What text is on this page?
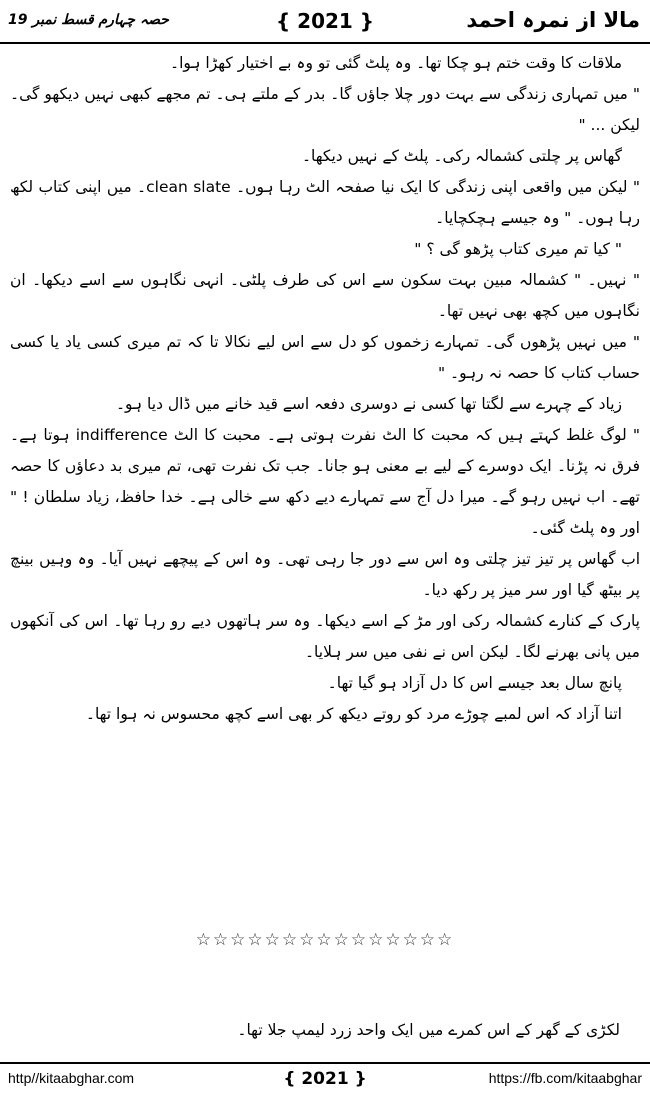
مالا از نمرہ احمد
{ 2021 }
حصہ چہارم قسط نمبر 19

ملاقات کا وقت ختم ہو چکا تھا۔ وہ پلٹ گئی تو وہ بے اختیار کھڑا ہوا۔

" میں تمہاری زندگی سے بہت دور چلا جاؤں گا۔ بدر کے ملتے ہی۔ تم مجھے کبھی نہیں دیکھو گی۔ لیکن ... "

گھاس پر چلتی کشمالہ رکی۔ پلٹ کے نہیں دیکھا۔

" لیکن میں واقعی اپنی زندگی کا ایک نیا صفحہ الٹ رہا ہوں۔ clean slate۔ میں اپنی کتاب لکھ رہا ہوں۔ " وہ جیسے ہچکچایا۔

" کیا تم میری کتاب پڑھو گی ؟ "

" نہیں۔ " کشمالہ مبین بہت سکون سے اس کی طرف پلٹی۔ انہی نگاہوں سے اسے دیکھا۔ ان نگاہوں میں کچھ بھی نہیں تھا۔

" میں نہیں پڑھوں گی۔ تمہارے زخموں کو دل سے اس لیے نکالا تا کہ تم میری کسی یاد یا کسی حساب کتاب کا حصہ نہ رہو۔ "

زیاد کے چہرے سے لگتا تھا کسی نے دوسری دفعہ اسے قید خانے میں ڈال دیا ہو۔

" لوگ غلط کہتے ہیں کہ محبت کا الٹ نفرت ہوتی ہے۔ محبت کا الٹ indifference ہوتا ہے۔ فرق نہ پڑنا۔ ایک دوسرے کے لیے بے معنی ہو جانا۔ جب تک نفرت تھی، تم میری بد دعاؤں کا حصہ تھے۔ اب نہیں رہو گے۔ میرا دل آج سے تمہارے دیے دکھ سے خالی ہے۔ خدا حافظ، زیاد سلطان ! " اور وہ پلٹ گئی۔

اب گھاس پر تیز تیز چلتی وہ اس سے دور جا رہی تھی۔ وہ اس کے پیچھے نہیں آیا۔ وہ وہیں بینچ پر بیٹھ گیا اور سر میز پر رکھ دیا۔

پارک کے کنارے کشمالہ رکی اور مڑ کے اسے دیکھا۔ وہ سر ہاتھوں دیے رو رہا تھا۔ اس کی آنکھوں میں پانی بھرنے لگا۔ لیکن اس نے نفی میں سر ہلایا۔

پانچ سال بعد جیسے اس کا دل آزاد ہو گیا تھا۔

اتنا آزاد کہ اس لمبے چوڑے مرد کو روتے دیکھ کر بھی اسے کچھ محسوس نہ ہوا تھا۔

☆☆☆☆☆☆☆☆☆☆☆☆☆☆☆
لکڑی کے گھر کے اس کمرے میں ایک واحد زرد لیمپ جلا تھا۔
http//kitaabghar.com	{ 2021 }	https://fb.com/kitaabghar
